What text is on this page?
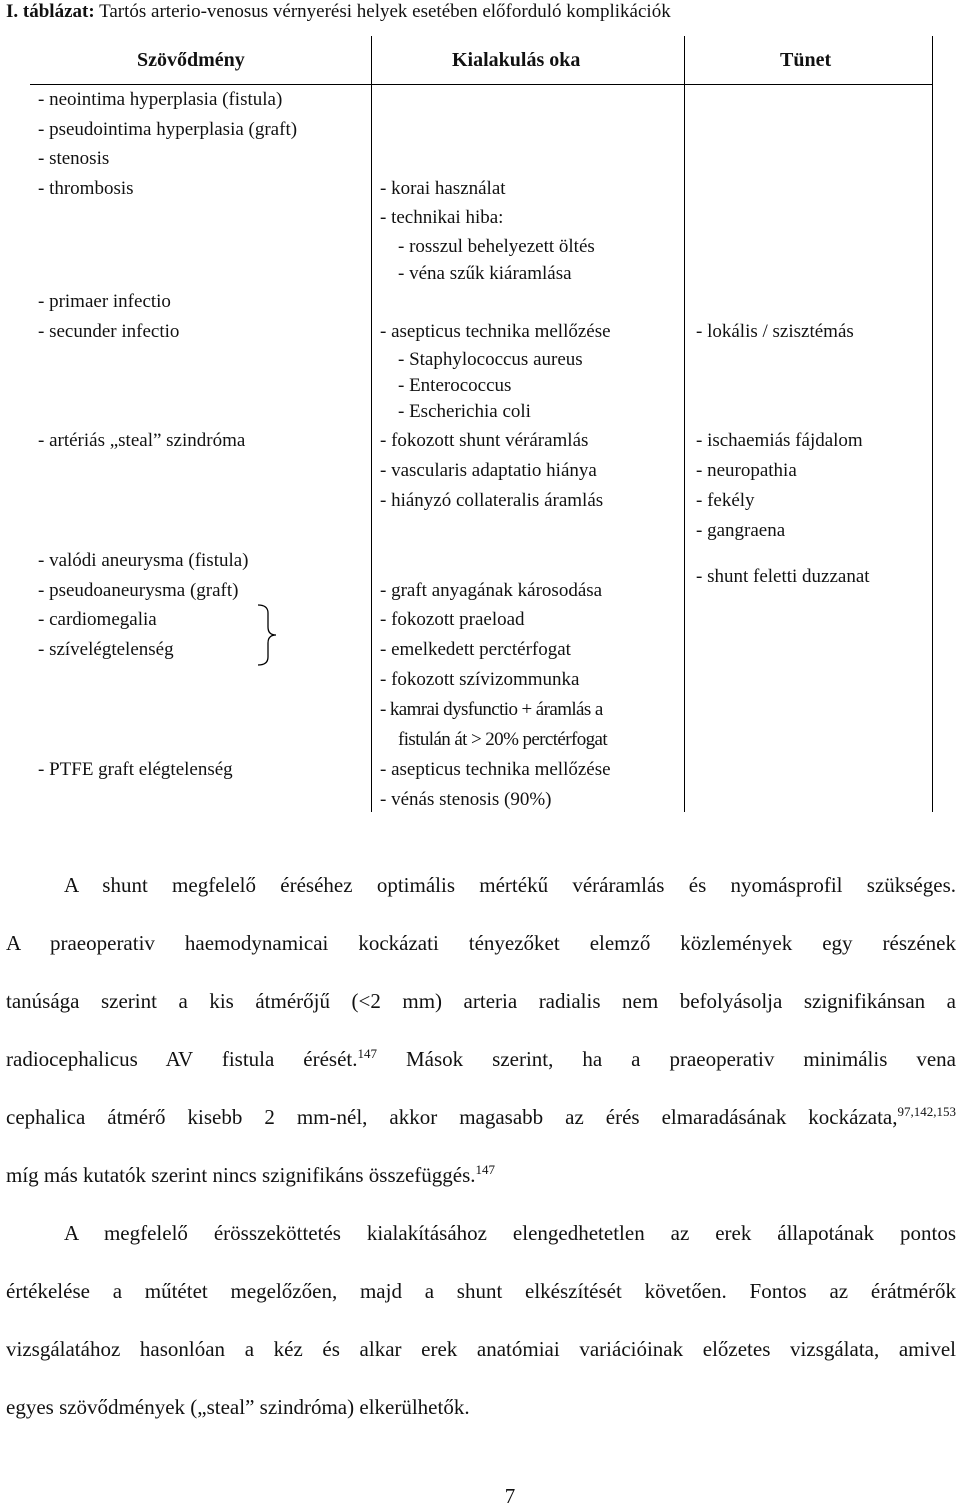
I. táblázat: Tartós arterio-venosus vérnyerési helyek esetében előforduló komplikációk
Szövődmény	Kialakulás oka	Tünet
- neointima hyperplasia (fistula)
- pseudointima hyperplasia (graft)
- stenosis
- thrombosis
- primaer infectio
- secunder infectio
- artériás „steal” szindróma
- valódi aneurysma (fistula)
- pseudoaneurysma (graft)
- cardiomegalia
- szívelégtelenség
- PTFE graft elégtelenség
- korai használat
- technikai hiba:
- rosszul behelyezett öltés
- véna szűk kiáramlása
- asepticus technika mellőzése
- Staphylococcus aureus
- Enterococcus
- Escherichia coli
- fokozott shunt véráramlás
- vascularis adaptatio hiánya
- hiányzó collateralis áramlás
- graft anyagának károsodása
- fokozott praeload
- emelkedett perctérfogat
- fokozott szívizommunka
- kamrai dysfunctio + áramlás a
fistulán át > 20% perctérfogat
- asepticus technika mellőzése
- vénás stenosis (90%)
- lokális / szisztémás
- ischaemiás fájdalom
- neuropathia
- fekély
- gangraena
- shunt feletti duzzanat
A shunt megfelelő éréséhez optimális mértékű véráramlás és nyomásprofil szükséges.
A praeoperativ haemodynamicai kockázati tényezőket elemző közlemények egy részének
tanúsága szerint a kis átmérőjű (<2 mm) arteria radialis nem befolyásolja szignifikánsan a
radiocephalicus AV fistula érését.$^{147}$ Mások szerint, ha a praeoperativ minimális vena
cephalica átmérő kisebb 2 mm-nél, akkor magasabb az érés elmaradásának kockázata,$^{97,142,153}$
míg más kutatók szerint nincs szignifikáns összefüggés.$^{147}$
A megfelelő érösszeköttetés kialakításához elengedhetetlen az erek állapotának pontos
értékelése a műtétet megelőzően, majd a shunt elkészítését követően. Fontos az érátmérők
vizsgálatához hasonlóan a kéz és alkar erek anatómiai variációinak előzetes vizsgálata, amivel
egyes szövődmények („steal” szindróma) elkerülhetők.
7
